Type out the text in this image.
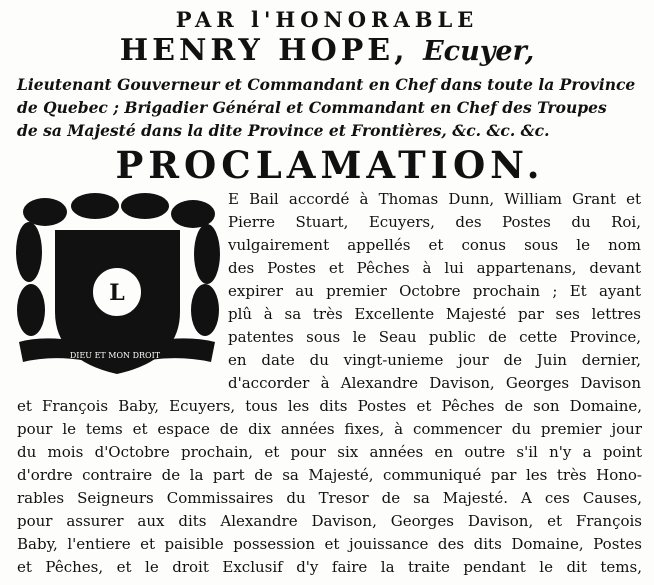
PAR l'HONORABLE
HENRY HOPE, Ecuyer,
Lieutenant Gouverneur et Commandant en Chef dans toute la Province
de Quebec ; Brigadier Général et Commandant en Chef des Troupes
de sa Majesté dans la dite Province et Frontières, &c. &c. &c.
PROCLAMATION.
L
DIEU ET MON DROIT
E Bail accordé à Thomas Dunn, William Grant et
Pierre Stuart, Ecuyers, des Postes du Roi,
vulgairement appellés et conus sous le nom
des Postes et Pêches à lui appartenans, devant
expirer au premier Octobre prochain ; Et ayant
plû à sa très Excellente Majesté par ses lettres
patentes sous le Seau public de cette Province,
en date du vingt-unieme jour de Juin dernier,
d'accorder à Alexandre Davison, Georges Davison
et François Baby, Ecuyers, tous les dits Postes et Pêches de son Domaine,
pour le tems et espace de dix années fixes, à commencer du premier jour
du mois d'Octobre prochain, et pour six années en outre s'il n'y a point
d'ordre contraire de la part de sa Majesté, communiqué par les très Hono-
rables Seigneurs Commissaires du Tresor de sa Majesté. A ces Causes,
pour assurer aux dits Alexandre Davison, Georges Davison, et François
Baby, l'entiere et paisible possession et jouissance des dits Domaine, Postes
et Pêches, et le droit Exclusif d'y faire la traite pendant le dit tems,
